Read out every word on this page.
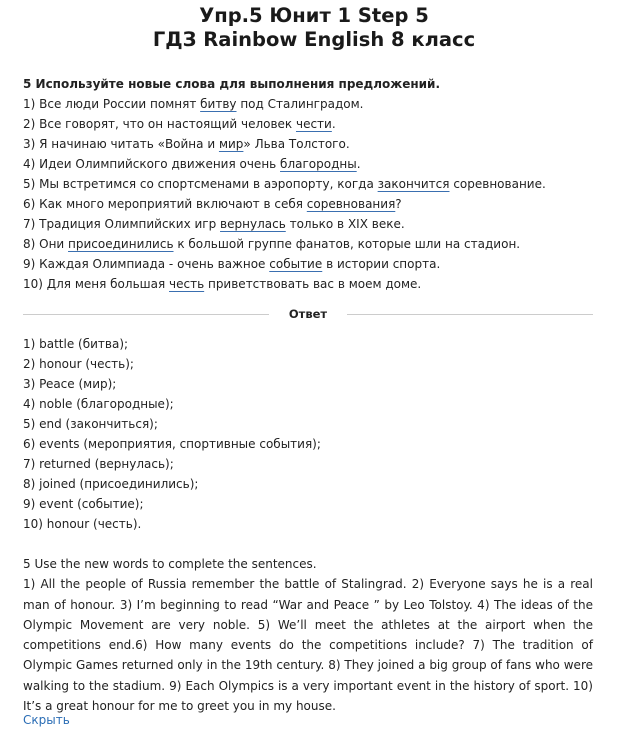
Упр.5 Юнит 1 Step 5
ГДЗ Rainbow English 8 класс
5 Используйте новые слова для выполнения предложений.
1) Все люди России помнят битву под Сталинградом.
2) Все говорят, что он настоящий человек чести.
3) Я начинаю читать «Война и мир» Льва Толстого.
4) Идеи Олимпийского движения очень благородны.
5) Мы встретимся со спортсменами в аэропорту, когда закончится соревнование.
6) Как много мероприятий включают в себя соревнования?
7) Традиция Олимпийских игр вернулась только в XIX веке.
8) Они присоединились к большой группе фанатов, которые шли на стадион.
9) Каждая Олимпиада - очень важное событие в истории спорта.
10) Для меня большая честь приветствовать вас в моем доме.
Ответ
1) battle (битва);
2) honour (честь);
3) Peace (мир);
4) noble (благородные);
5) end (закончиться);
6) events (мероприятия, спортивные события);
7) returned (вернулась);
8) joined (присоединились);
9) event (событие);
10) honour (честь).
5 Use the new words to complete the sentences.
1) All the people of Russia remember the battle of Stalingrad. 2) Everyone says he is a real man of honour. 3) I’m beginning to read “War and Peace ” by Leo Tolstoy. 4) The ideas of the Olympic Movement are very noble. 5) We’ll meet the athletes at the airport when the competitions end.6) How many events do the competitions include? 7) The tradition of Olympic Games returned only in the 19th century. 8) They joined a big group of fans who were walking to the stadium. 9) Each Olympics is a very important event in the history of sport. 10) It’s a great honour for me to greet you in my house.
Скрыть
